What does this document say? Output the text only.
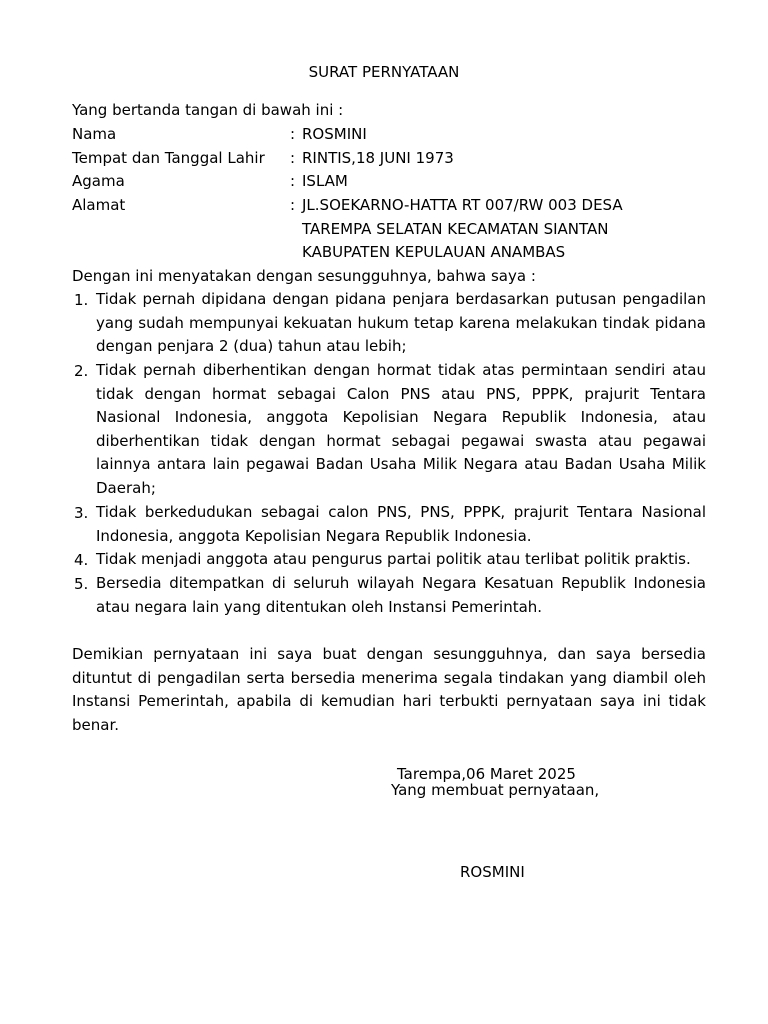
SURAT PERNYATAAN
Yang bertanda tangan di bawah ini :
Nama	: ROSMINI
Tempat dan Tanggal Lahir : RINTIS,18 JUNI 1973
Agama	: ISLAM
Alamat	: JL.SOEKARNO-HATTA RT 007/RW 003 DESA
TAREMPA SELATAN KECAMATAN SIANTAN
KABUPATEN KEPULAUAN ANAMBAS
Dengan ini menyatakan dengan sesungguhnya, bahwa saya :
1. Tidak pernah dipidana dengan pidana penjara berdasarkan putusan pengadilan yang sudah mempunyai kekuatan hukum tetap karena melakukan tindak pidana dengan penjara 2 (dua) tahun atau lebih;
2. Tidak pernah diberhentikan dengan hormat tidak atas permintaan sendiri atau tidak dengan hormat sebagai Calon PNS atau PNS, PPPK, prajurit Tentara Nasional Indonesia, anggota Kepolisian Negara Republik Indonesia, atau diberhentikan tidak dengan hormat sebagai pegawai swasta atau pegawai lainnya antara lain pegawai Badan Usaha Milik Negara atau Badan Usaha Milik Daerah;
3. Tidak berkedudukan sebagai calon PNS, PNS, PPPK, prajurit Tentara Nasional Indonesia, anggota Kepolisian Negara Republik Indonesia.
4. Tidak menjadi anggota atau pengurus partai politik atau terlibat politik praktis.
5. Bersedia ditempatkan di seluruh wilayah Negara Kesatuan Republik Indonesia atau negara lain yang ditentukan oleh Instansi Pemerintah.
Demikian pernyataan ini saya buat dengan sesungguhnya, dan saya bersedia dituntut di pengadilan serta bersedia menerima segala tindakan yang diambil oleh Instansi Pemerintah, apabila di kemudian hari terbukti pernyataan saya ini tidak benar.
Tarempa,06 Maret 2025
Yang membuat pernyataan,
ROSMINI
